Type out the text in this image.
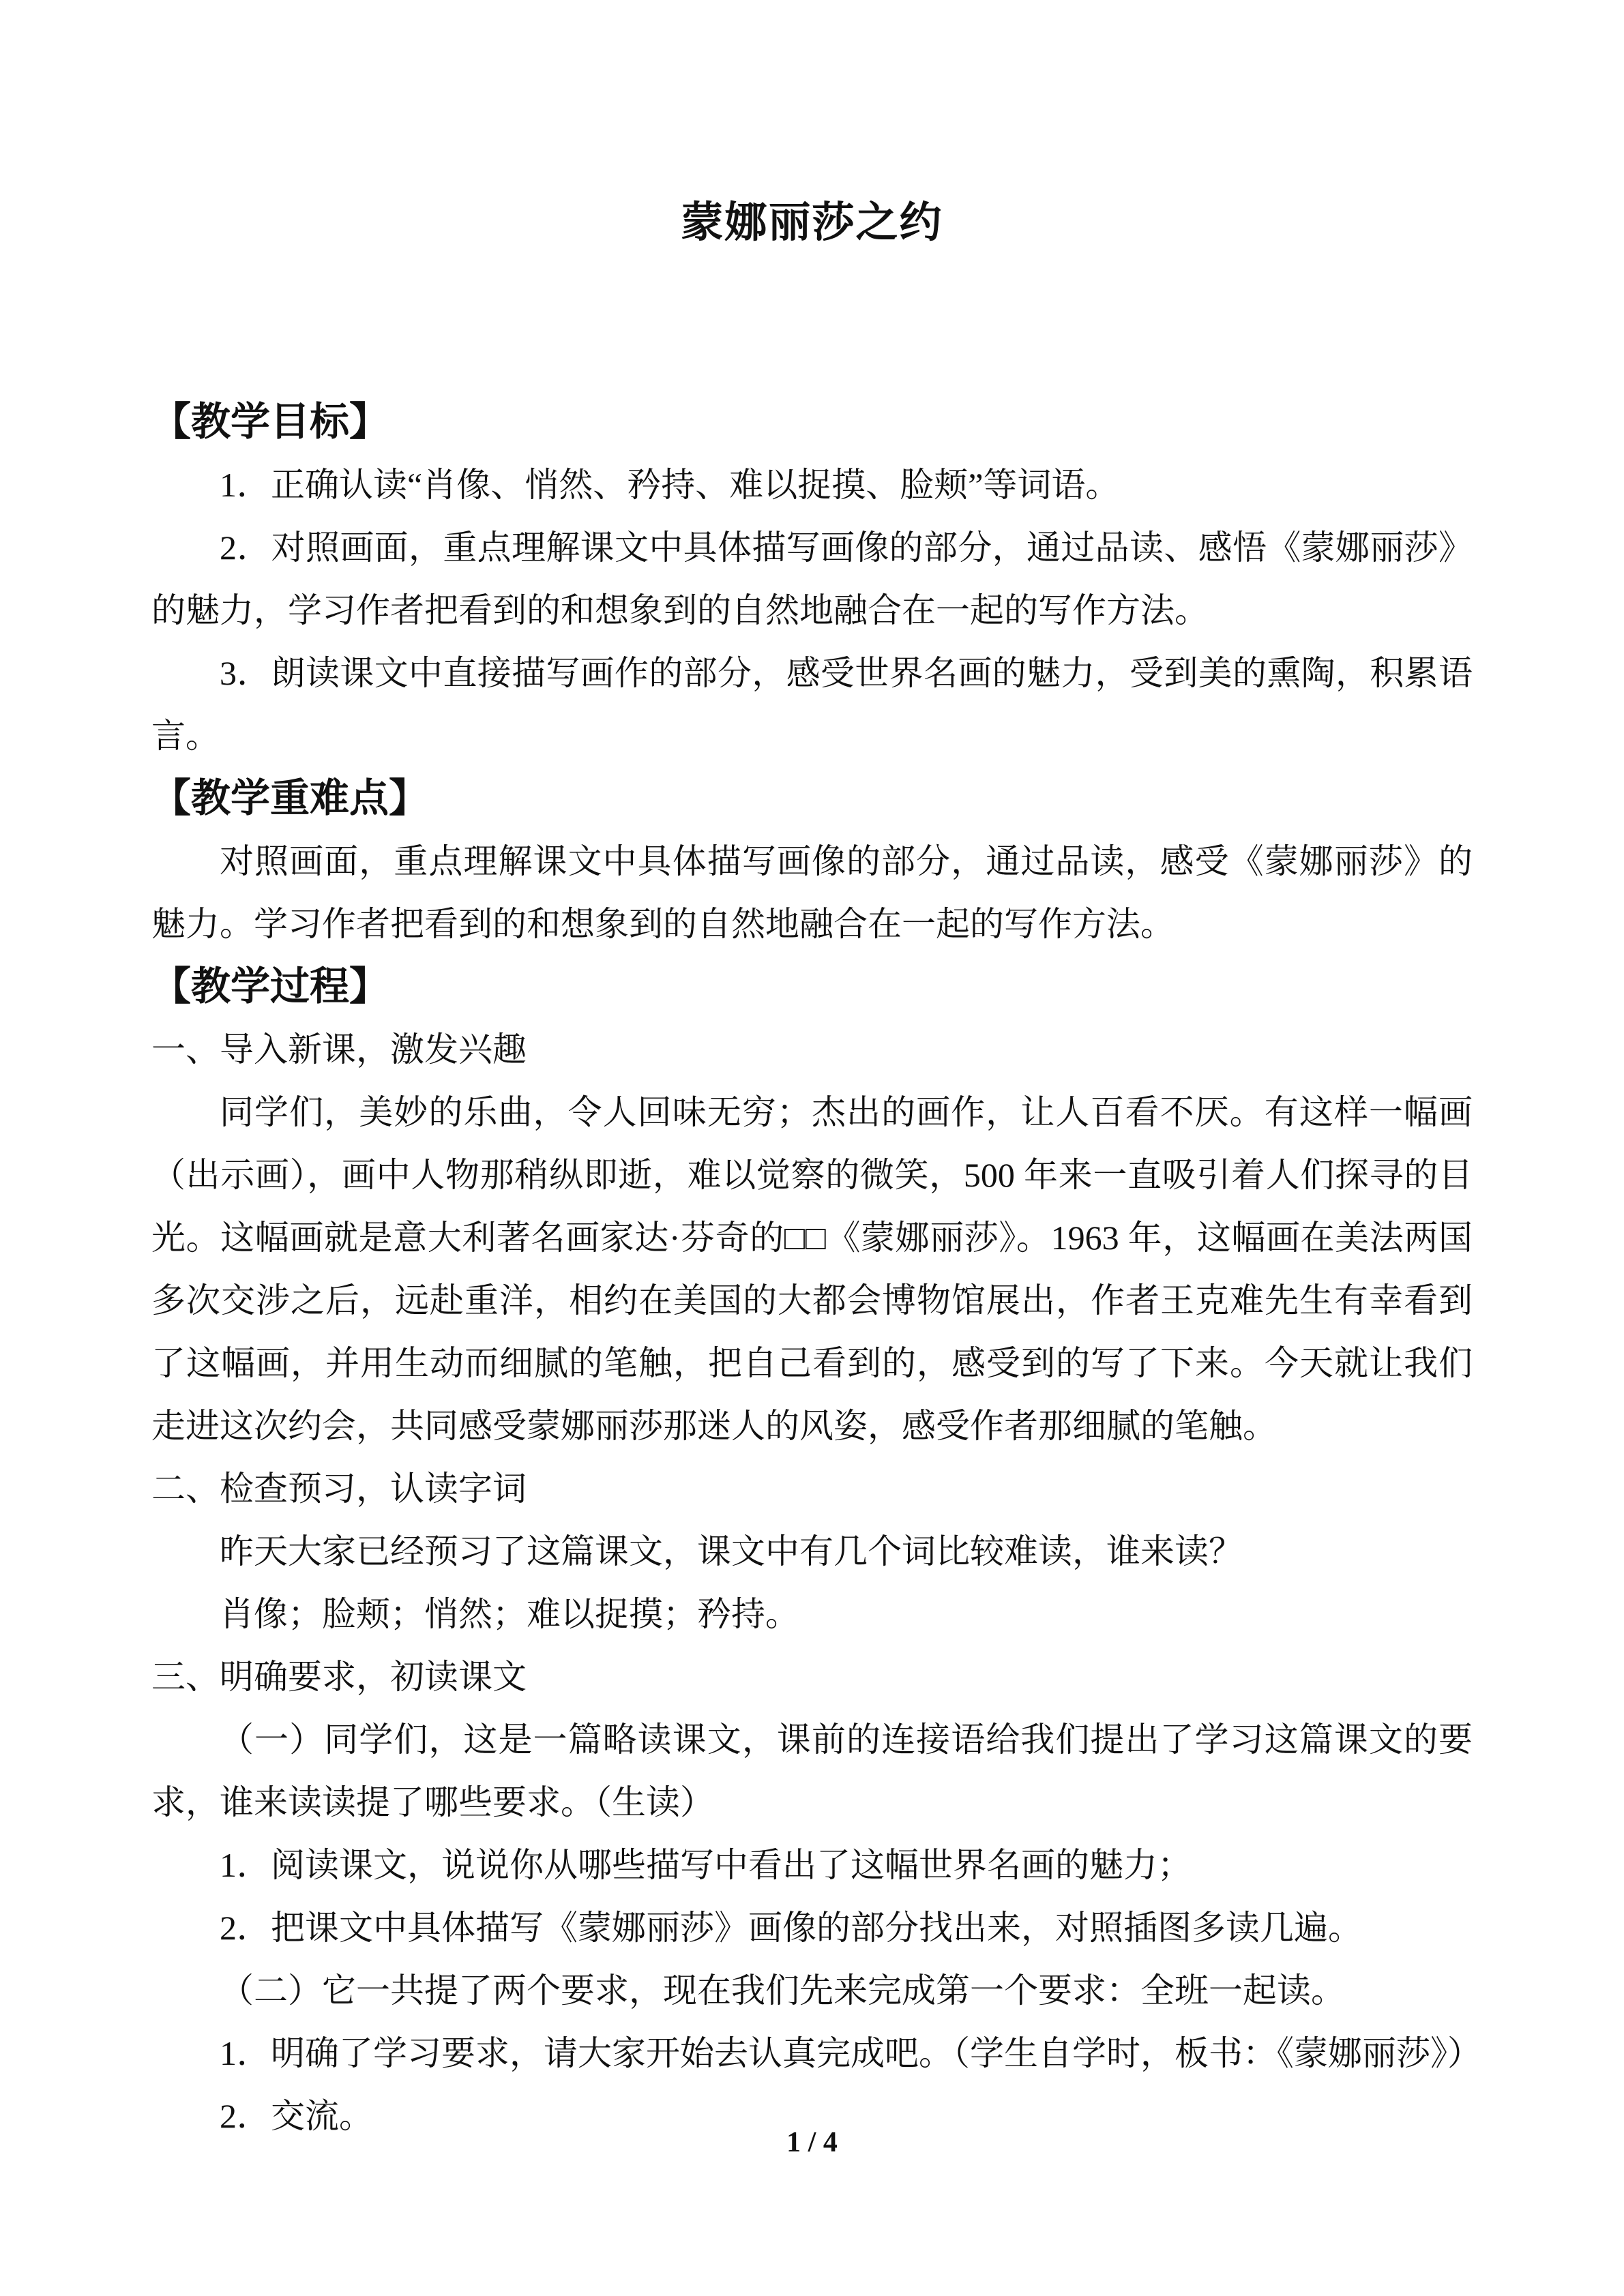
蒙娜丽莎之约
【教学目标】

1．正确认读“肖像、悄然、矜持、难以捉摸、脸颊”等词语。

2．对照画面，重点理解课文中具体描写画像的部分，通过品读、感悟《蒙娜丽莎》的魅力，学习作者把看到的和想象到的自然地融合在一起的写作方法。

3．朗读课文中直接描写画作的部分，感受世界名画的魅力，受到美的熏陶，积累语言。

【教学重难点】

对照画面，重点理解课文中具体描写画像的部分，通过品读，感受《蒙娜丽莎》的魅力。学习作者把看到的和想象到的自然地融合在一起的写作方法。

【教学过程】

一、导入新课，激发兴趣

同学们，美妙的乐曲，令人回味无穷；杰出的画作，让人百看不厌。有这样一幅画（出示画），画中人物那稍纵即逝，难以觉察的微笑，500 年来一直吸引着人们探寻的目光。这幅画就是意大利著名画家达·芬奇的□□《蒙娜丽莎》。1963 年，这幅画在美法两国多次交涉之后，远赴重洋，相约在美国的大都会博物馆展出，作者王克难先生有幸看到了这幅画，并用生动而细腻的笔触，把自己看到的，感受到的写了下来。今天就让我们走进这次约会，共同感受蒙娜丽莎那迷人的风姿，感受作者那细腻的笔触。

二、检查预习，认读字词

昨天大家已经预习了这篇课文，课文中有几个词比较难读，谁来读？

肖像；脸颊；悄然；难以捉摸；矜持。

三、明确要求，初读课文

（一）同学们，这是一篇略读课文，课前的连接语给我们提出了学习这篇课文的要求，谁来读读提了哪些要求。（生读）

1．阅读课文，说说你从哪些描写中看出了这幅世界名画的魅力；

2．把课文中具体描写《蒙娜丽莎》画像的部分找出来，对照插图多读几遍。

（二）它一共提了两个要求，现在我们先来完成第一个要求：全班一起读。

1．明确了学习要求，请大家开始去认真完成吧。（学生自学时，板书：《蒙娜丽莎》）

2．交流。

1 / 4
